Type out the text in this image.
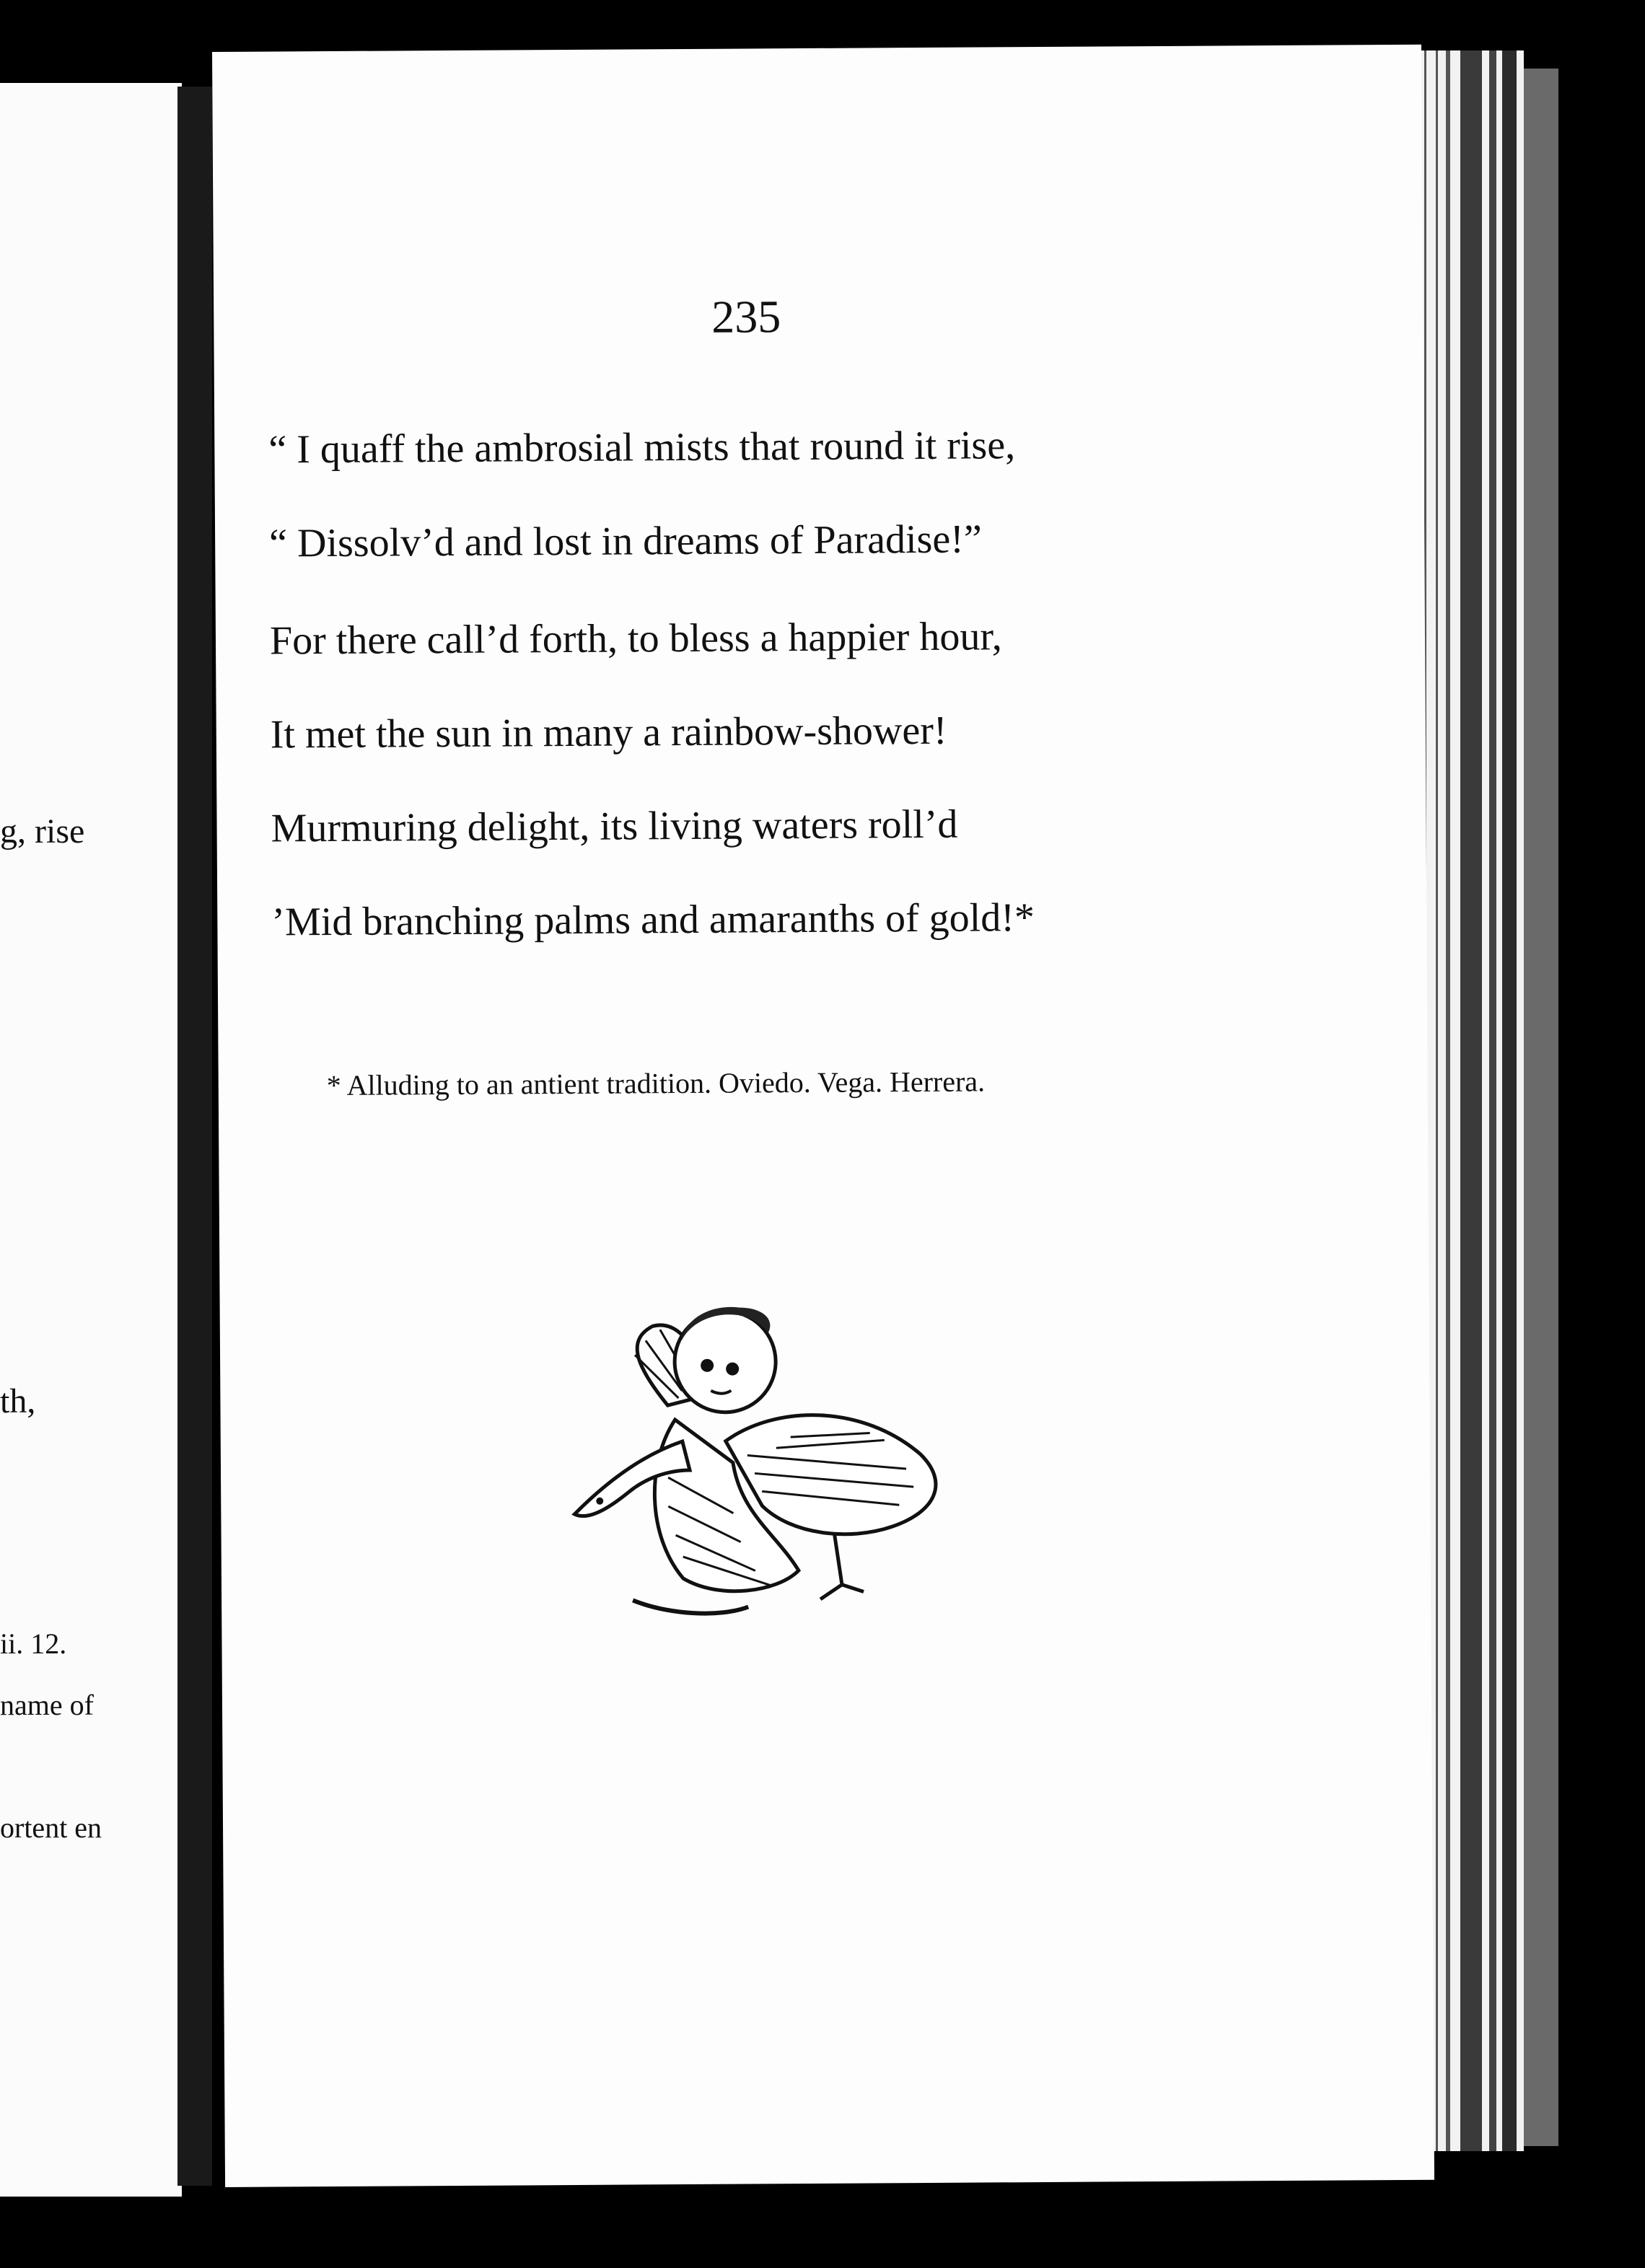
g, rise
th,
ii. 12.
name of
ortent en
235
“ I quaff the ambrosial mists that round it rise,
“ Dissolv’d and lost in dreams of Paradise!”
For there call’d forth, to bless a happier hour,
It met the sun in many a rainbow-shower!
Murmuring delight, its living waters roll’d
’Mid branching palms and amaranths of gold!*
* Alluding to an antient tradition. Oviedo. Vega. Herrera.
